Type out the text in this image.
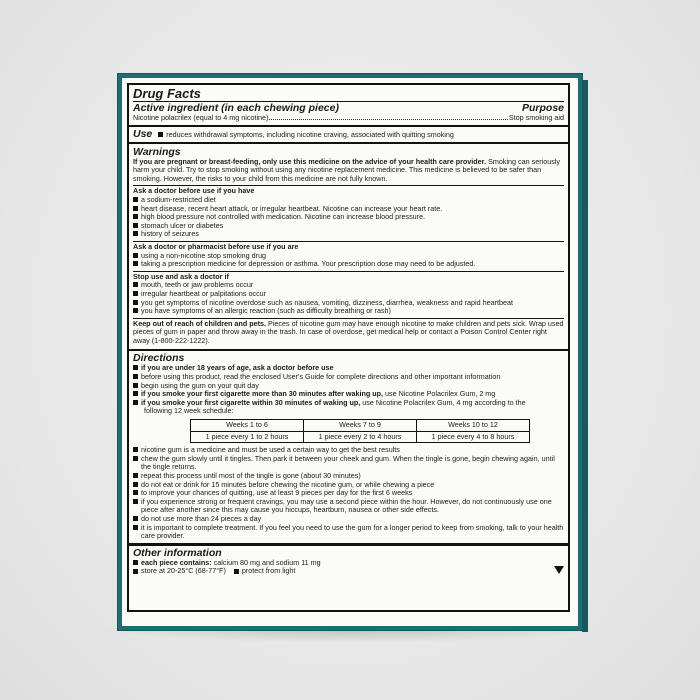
Drug Facts
Active ingredient (in each chewing piece)	Purpose
Nicotine polacrilex (equal to 4 mg nicotine)	Stop smoking aid
Use reduces withdrawal symptoms, including nicotine craving, associated with quitting smoking
Warnings
If you are pregnant or breast-feeding, only use this medicine on the advice of your health care provider. Smoking can seriously harm your child. Try to stop smoking without using any nicotine replacement medicine. This medicine is believed to be safer than smoking. However, the risks to your child from this medicine are not fully known.
Ask a doctor before use if you have
a sodium-restricted diet
heart disease, recent heart attack, or irregular heartbeat. Nicotine can increase your heart rate.
high blood pressure not controlled with medication. Nicotine can increase blood pressure.
stomach ulcer or diabetes
history of seizures
Ask a doctor or pharmacist before use if you are
using a non-nicotine stop smoking drug
taking a prescription medicine for depression or asthma. Your prescription dose may need to be adjusted.
Stop use and ask a doctor if
mouth, teeth or jaw problems occur
irregular heartbeat or palpitations occur
you get symptoms of nicotine overdose such as nausea, vomiting, dizziness, diarrhea, weakness and rapid heartbeat
you have symptoms of an allergic reaction (such as difficulty breathing or rash)
Keep out of reach of children and pets. Pieces of nicotine gum may have enough nicotine to make children and pets sick. Wrap used pieces of gum in paper and throw away in the trash. In case of overdose, get medical help or contact a Poison Control Center right away (1-800-222-1222).
Directions
if you are under 18 years of age, ask a doctor before use
before using this product, read the enclosed User's Guide for complete directions and other important information
begin using the gum on your quit day
if you smoke your first cigarette more than 30 minutes after waking up, use Nicotine Polacrilex Gum, 2 mg
if you smoke your first cigarette within 30 minutes of waking up, use Nicotine Polacrilex Gum, 4 mg according to the
following 12 week schedule:
Weeks 1 to 6	Weeks 7 to 9	Weeks 10 to 12
1 piece every 1 to 2 hours	1 piece every 2 to 4 hours	1 piece every 4 to 8 hours
nicotine gum is a medicine and must be used a certain way to get the best results
chew the gum slowly until it tingles. Then park it between your cheek and gum. When the tingle is gone, begin chewing again, until the tingle returns.
repeat this process until most of the tingle is gone (about 30 minutes)
do not eat or drink for 15 minutes before chewing the nicotine gum, or while chewing a piece
to improve your chances of quitting, use at least 9 pieces per day for the first 6 weeks
if you experience strong or frequent cravings, you may use a second piece within the hour. However, do not continuously use one piece after another since this may cause you hiccups, heartburn, nausea or other side effects.
do not use more than 24 pieces a day
it is important to complete treatment. If you feel you need to use the gum for a longer period to keep from smoking, talk to your health care provider.
Other information
each piece contains: calcium 80 mg and sodium 11 mg
store at 20-25°C (68-77°F) protect from light
